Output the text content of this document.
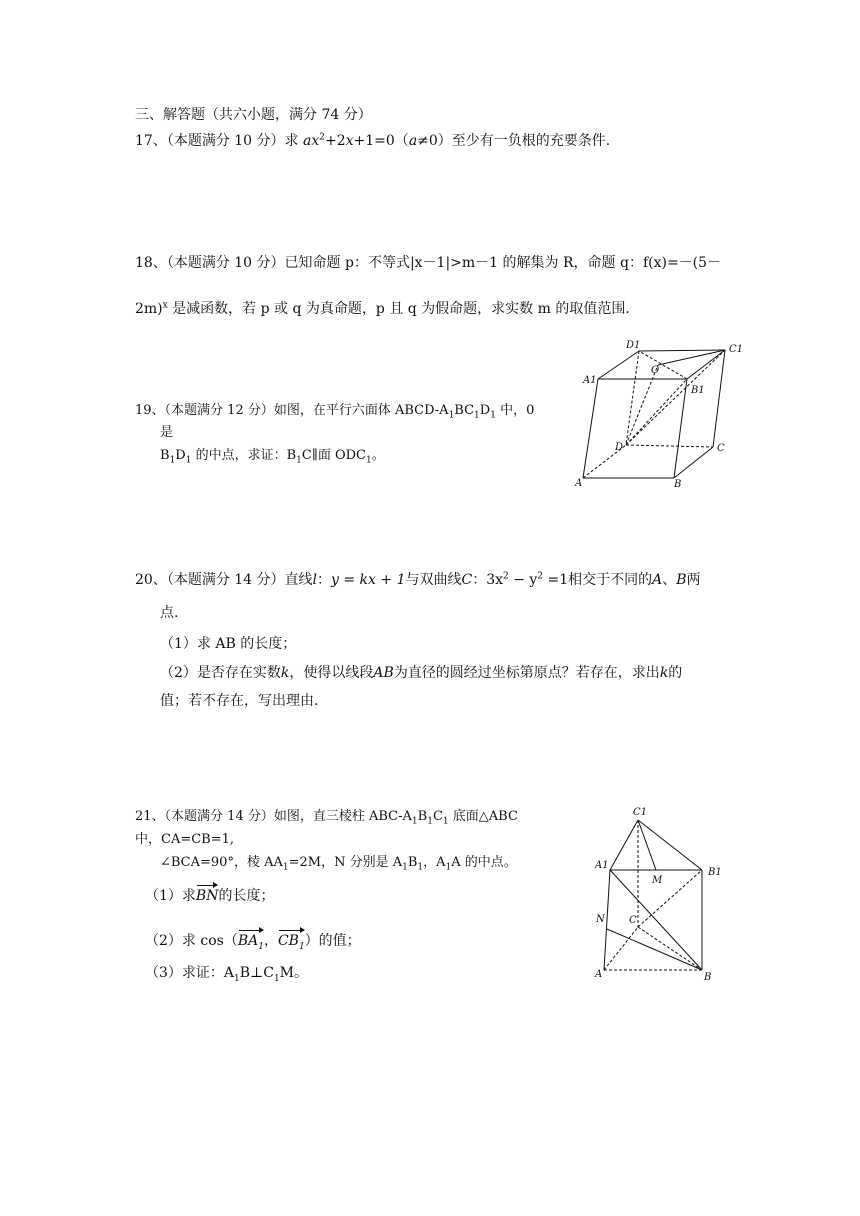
三、解答题（共六小题，满分 74 分）
17、（本题满分 10 分）求 $ax^2+2x+1=0(a\ne 0)$至少有一负根的充要条件.
18、（本题满分 10 分）已知命题 p：不等式|x－1|>m－1 的解集为 R，命题 q：f(x)=－(5－
2m)$^x$ 是减函数，若 p 或 q 为真命题，p 且 q 为假命题，求实数 m 的取值范围.
19、（本题满分 12 分）如图，在平行六面体 ABCD-$A_1BC_1D_1$ 中，0
是
$B_1D_1$ 的中点，求证：$B_1C\parallel$面 $ODC_1$。
D1	C1
O
A1
B1
D	C
A	B
20、（本题满分 14 分）直线l：y = kx + 1与双曲线C：$3x^2 - y^2 =1$相交于不同的A、B两
点.
（1）求 AB 的长度；
（2）是否存在实数k，使得以线段AB为直径的圆经过坐标第原点？若存在，求出k的
值；若不存在，写出理由.
21、（本题满分 14 分）如图，直三棱柱 ABC-$A_1B_1C_1$ 底面△ABC
中，CA=CB=1,
∠BCA=90°，棱 $AA_1=2M$，N 分别是 $A_1B_1$，$A_1A$ 的中点。
（1）求BN的长度；
（2）求 $\cos(BA_1$，$CB_1$）的值；
（3）求证：$A_1B\perp C_1M$。
C1
A1
M
B1
N C
A	B
